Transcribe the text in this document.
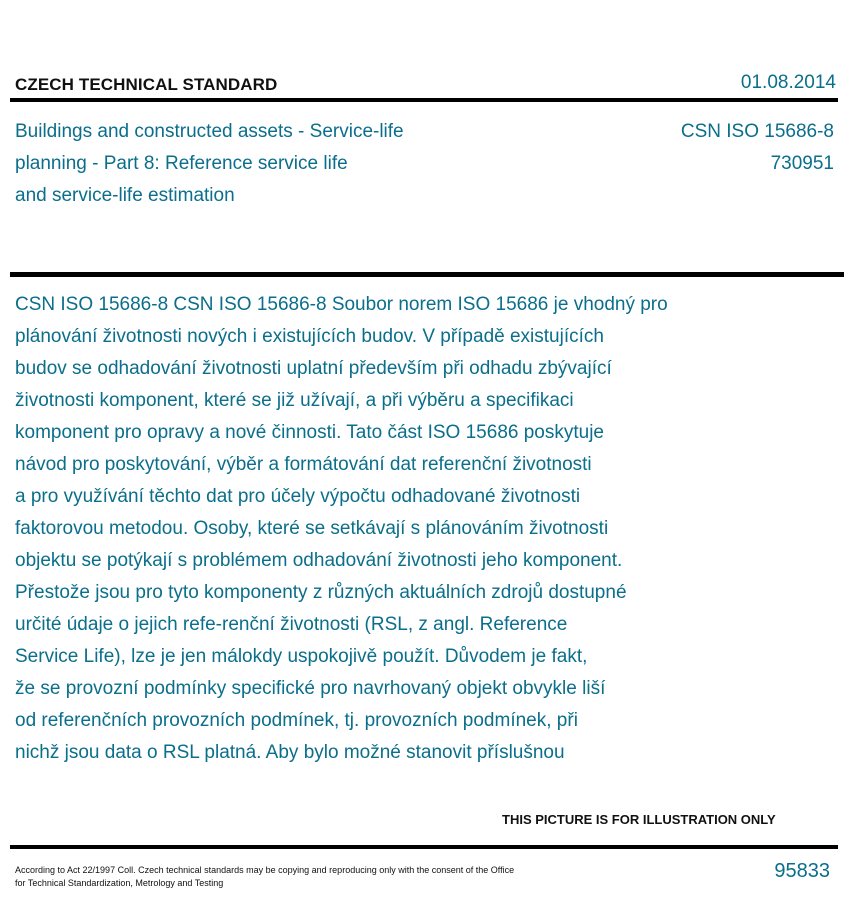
CZECH TECHNICAL STANDARD	01.08.2014
Buildings and constructed assets - Service-life
planning - Part 8: Reference service life
and service-life estimation
CSN ISO 15686-8
730951
CSN ISO 15686-8 CSN ISO 15686-8 Soubor norem ISO 15686 je vhodný pro
plánování životnosti nových i existujících budov. V případě existujících
budov se odhadování životnosti uplatní především při odhadu zbývající
životnosti komponent, které se již užívají, a při výběru a specifikaci
komponent pro opravy a nové činnosti. Tato část ISO 15686 poskytuje
návod pro poskytování, výběr a formátování dat referenční životnosti
a pro využívání těchto dat pro účely výpočtu odhadované životnosti
faktorovou metodou. Osoby, které se setkávají s plánováním životnosti
objektu se potýkají s problémem odhadování životnosti jeho komponent.
Přestože jsou pro tyto komponenty z různých aktuálních zdrojů dostupné
určité údaje o jejich refe-renční životnosti (RSL, z angl. Reference
Service Life), lze je jen málokdy uspokojivě použít. Důvodem je fakt,
že se provozní podmínky specifické pro navrhovaný objekt obvykle liší
od referenčních provozních podmínek, tj. provozních podmínek, při
nichž jsou data o RSL platná. Aby bylo možné stanovit příslušnou
THIS PICTURE IS FOR ILLUSTRATION ONLY
According to Act 22/1997 Coll. Czech technical standards may be copying and reproducing only with the consent of the Office
for Technical Standardization, Metrology and Testing
95833
